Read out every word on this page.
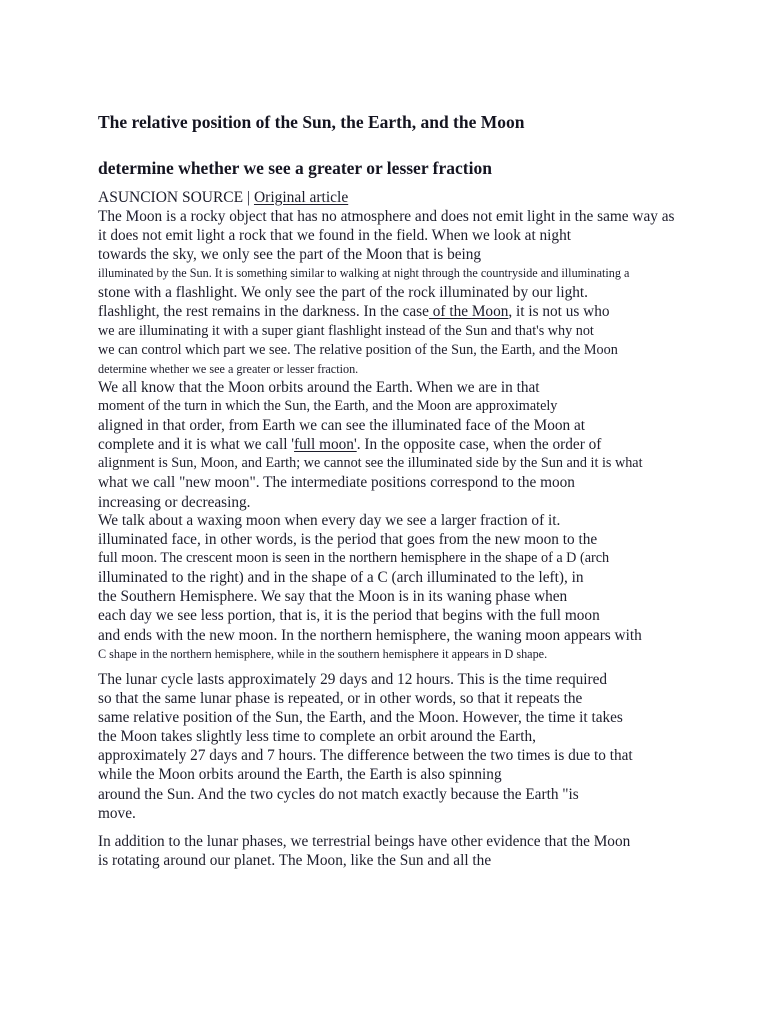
The relative position of the Sun, the Earth, and the Moon
determine whether we see a greater or lesser fraction
ASUNCION SOURCE | Original article
The Moon is a rocky object that has no atmosphere and does not emit light in the same way as
it does not emit light a rock that we found in the field. When we look at night
towards the sky, we only see the part of the Moon that is being
illuminated by the Sun. It is something similar to walking at night through the countryside and illuminating a
stone with a flashlight. We only see the part of the rock illuminated by our light.
flashlight, the rest remains in the darkness. In the case of the Moon, it is not us who
we are illuminating it with a super giant flashlight instead of the Sun and that's why not
we can control which part we see. The relative position of the Sun, the Earth, and the Moon
determine whether we see a greater or lesser fraction.
We all know that the Moon orbits around the Earth. When we are in that
moment of the turn in which the Sun, the Earth, and the Moon are approximately
aligned in that order, from Earth we can see the illuminated face of the Moon at
complete and it is what we call 'full moon'. In the opposite case, when the order of
alignment is Sun, Moon, and Earth; we cannot see the illuminated side by the Sun and it is what
what we call "new moon". The intermediate positions correspond to the moon
increasing or decreasing.
We talk about a waxing moon when every day we see a larger fraction of it.
illuminated face, in other words, is the period that goes from the new moon to the
full moon. The crescent moon is seen in the northern hemisphere in the shape of a D (arch
illuminated to the right) and in the shape of a C (arch illuminated to the left), in
the Southern Hemisphere. We say that the Moon is in its waning phase when
each day we see less portion, that is, it is the period that begins with the full moon
and ends with the new moon. In the northern hemisphere, the waning moon appears with
C shape in the northern hemisphere, while in the southern hemisphere it appears in D shape.
The lunar cycle lasts approximately 29 days and 12 hours. This is the time required
so that the same lunar phase is repeated, or in other words, so that it repeats the
same relative position of the Sun, the Earth, and the Moon. However, the time it takes
the Moon takes slightly less time to complete an orbit around the Earth,
approximately 27 days and 7 hours. The difference between the two times is due to that
while the Moon orbits around the Earth, the Earth is also spinning
around the Sun. And the two cycles do not match exactly because the Earth "is
move.
In addition to the lunar phases, we terrestrial beings have other evidence that the Moon
is rotating around our planet. The Moon, like the Sun and all the
